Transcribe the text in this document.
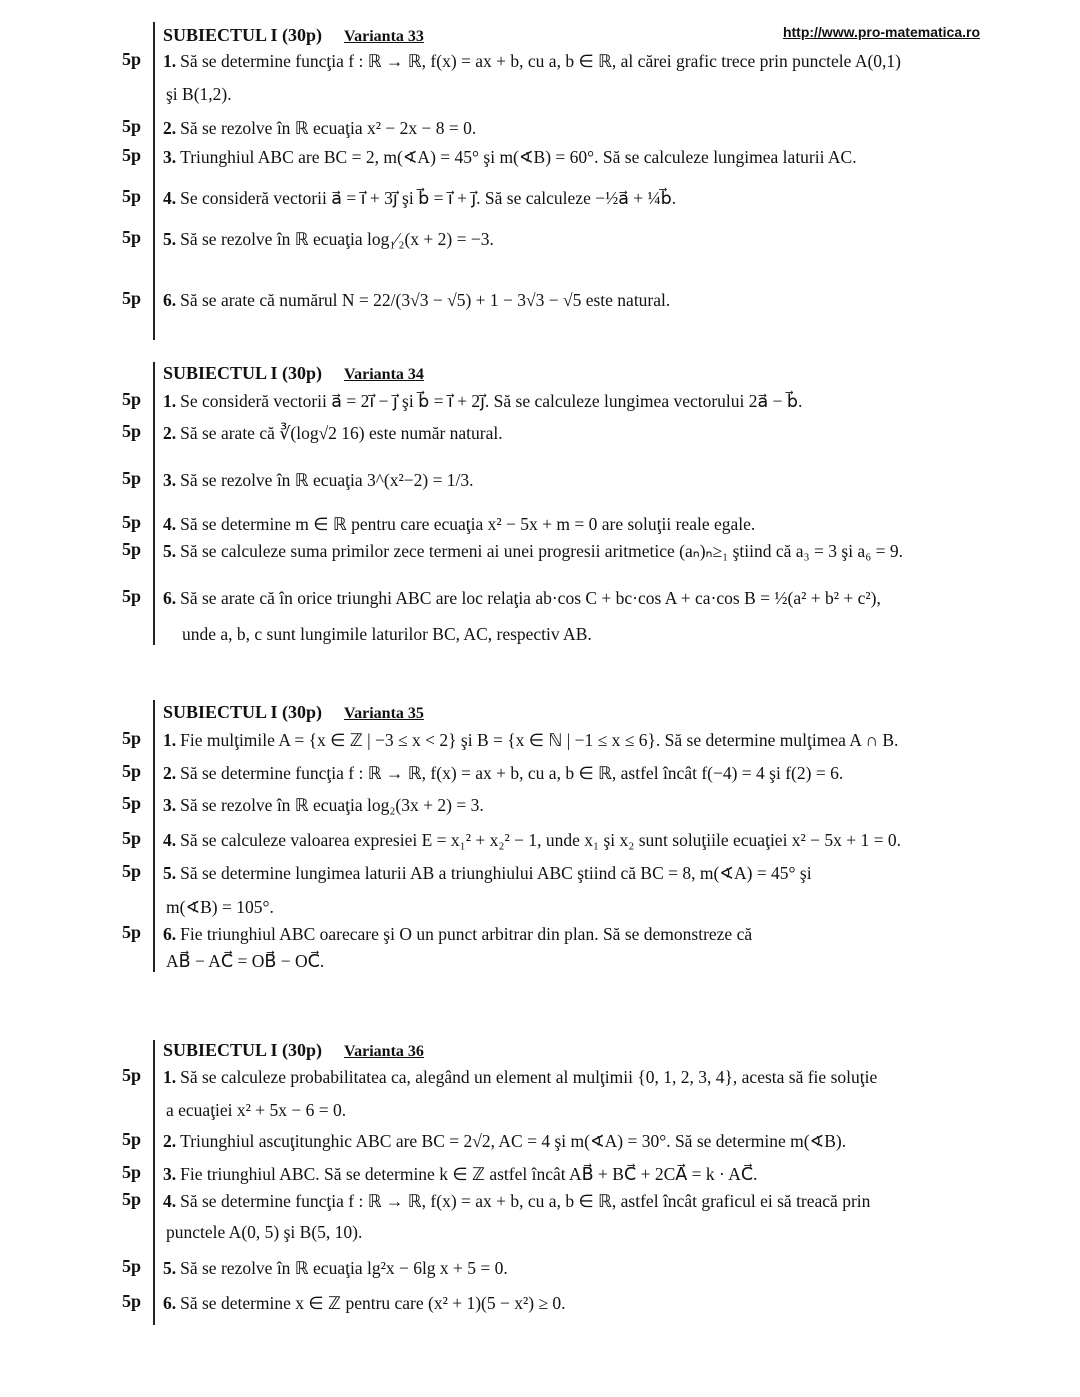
http://www.pro-matematica.ro
SUBIECTUL I (30p) Varianta 33
5p 1. Să se determine funcţia f : ℝ → ℝ, f(x) = ax + b, cu a, b ∈ ℝ, al cărei grafic trece prin punctele A(0,1)
şi B(1,2).
5p 2. Să se rezolve în ℝ ecuaţia x² − 2x − 8 = 0.
5p 3. Triunghiul ABC are BC = 2, m(∢A) = 45° şi m(∢B) = 60°. Să se calculeze lungimea laturii AC.
5p 4. Se consideră vectorii a⃗ = i⃗ + 3j⃗ şi b⃗ = i⃗ + j⃗. Să se calculeze −½a⃗ + ¼b⃗.
5p 5. Să se rezolve în ℝ ecuaţia log₁⁄₂(x + 2) = −3.
5p 6. Să se arate că numărul N = 22/(3√3 − √5) + 1 − 3√3 − √5 este natural.
SUBIECTUL I (30p) Varianta 34
5p 1. Se consideră vectorii a⃗ = 2i⃗ − j⃗ şi b⃗ = i⃗ + 2j⃗. Să se calculeze lungimea vectorului 2a⃗ − b⃗.
5p 2. Să se arate că ∛(log√2 16) este număr natural.
5p 3. Să se rezolve în ℝ ecuaţia 3^(x²−2) = 1/3.
5p 4. Să se determine m ∈ ℝ pentru care ecuaţia x² − 5x + m = 0 are soluţii reale egale.
5p 5. Să se calculeze suma primilor zece termeni ai unei progresii aritmetice (aₙ)ₙ≥₁ ştiind că a₃ = 3 şi a₆ = 9.
5p 6. Să se arate că în orice triunghi ABC are loc relaţia ab·cos C + bc·cos A + ca·cos B = ½(a² + b² + c²),
unde a, b, c sunt lungimile laturilor BC, AC, respectiv AB.
SUBIECTUL I (30p) Varianta 35
5p 1. Fie mulţimile A = {x ∈ ℤ | −3 ≤ x < 2} şi B = {x ∈ ℕ | −1 ≤ x ≤ 6}. Să se determine mulţimea A ∩ B.
5p 2. Să se determine funcţia f : ℝ → ℝ, f(x) = ax + b, cu a, b ∈ ℝ, astfel încât f(−4) = 4 şi f(2) = 6.
5p 3. Să se rezolve în ℝ ecuaţia log₂(3x + 2) = 3.
5p 4. Să se calculeze valoarea expresiei E = x₁² + x₂² − 1, unde x₁ şi x₂ sunt soluţiile ecuaţiei x² − 5x + 1 = 0.
5p 5. Să se determine lungimea laturii AB a triunghiului ABC ştiind că BC = 8, m(∢A) = 45° şi
m(∢B) = 105°.
5p 6. Fie triunghiul ABC oarecare şi O un punct arbitrar din plan. Să se demonstreze că
AB⃗ − AC⃗ = OB⃗ − OC⃗.
SUBIECTUL I (30p) Varianta 36
5p 1. Să se calculeze probabilitatea ca, alegând un element al mulţimii {0, 1, 2, 3, 4}, acesta să fie soluţie
a ecuaţiei x² + 5x − 6 = 0.
5p 2. Triunghiul ascuţitunghic ABC are BC = 2√2, AC = 4 şi m(∢A) = 30°. Să se determine m(∢B).
5p 3. Fie triunghiul ABC. Să se determine k ∈ ℤ astfel încât AB⃗ + BC⃗ + 2CA⃗ = k · AC⃗.
5p 4. Să se determine funcţia f : ℝ → ℝ, f(x) = ax + b, cu a, b ∈ ℝ, astfel încât graficul ei să treacă prin
punctele A(0, 5) şi B(5, 10).
5p 5. Să se rezolve în ℝ ecuaţia lg²x − 6lg x + 5 = 0.
5p 6. Să se determine x ∈ ℤ pentru care (x² + 1)(5 − x²) ≥ 0.
